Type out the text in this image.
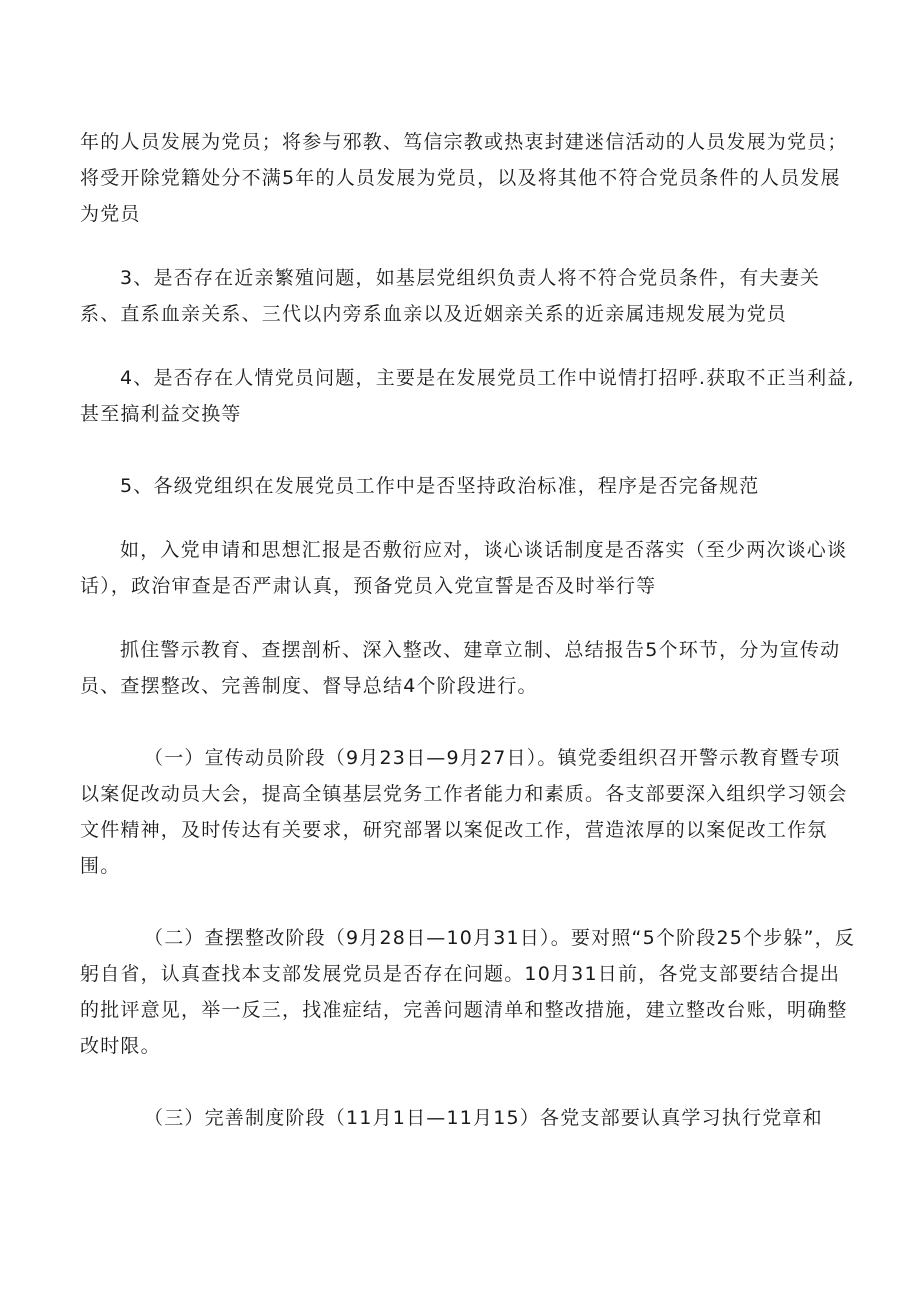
年的人员发展为党员；将参与邪教、笃信宗教或热衷封建迷信活动的人员发展为党员；将受开除党籍处分不满5年的人员发展为党员，以及将其他不符合党员条件的人员发展为党员

3、是否存在近亲繁殖问题，如基层党组织负责人将不符合党员条件，有夫妻关系、直系血亲关系、三代以内旁系血亲以及近姻亲关系的近亲属违规发展为党员

4、是否存在人情党员问题，主要是在发展党员工作中说情打招呼.获取不正当利益,甚至搞利益交换等

5、各级党组织在发展党员工作中是否坚持政治标准，程序是否完备规范

如，入党申请和思想汇报是否敷衍应对，谈心谈话制度是否落实（至少两次谈心谈话），政治审查是否严肃认真，预备党员入党宣誓是否及时举行等

抓住警示教育、查摆剖析、深入整改、建章立制、总结报告5个环节，分为宣传动员、查摆整改、完善制度、督导总结4个阶段进行。

（一）宣传动员阶段（9月23日—9月27日）。镇党委组织召开警示教育暨专项以案促改动员大会，提高全镇基层党务工作者能力和素质。各支部要深入组织学习领会文件精神，及时传达有关要求，研究部署以案促改工作，营造浓厚的以案促改工作氛围。

（二）查摆整改阶段（9月28日—10月31日）。要对照“5个阶段25个步躲”，反躬自省，认真查找本支部发展党员是否存在问题。10月31日前，各党支部要结合提出的批评意见，举一反三，找准症结，完善问题清单和整改措施，建立整改台账，明确整改时限。

（三）完善制度阶段（11月1日—11月15）各党支部要认真学习执行党章和
